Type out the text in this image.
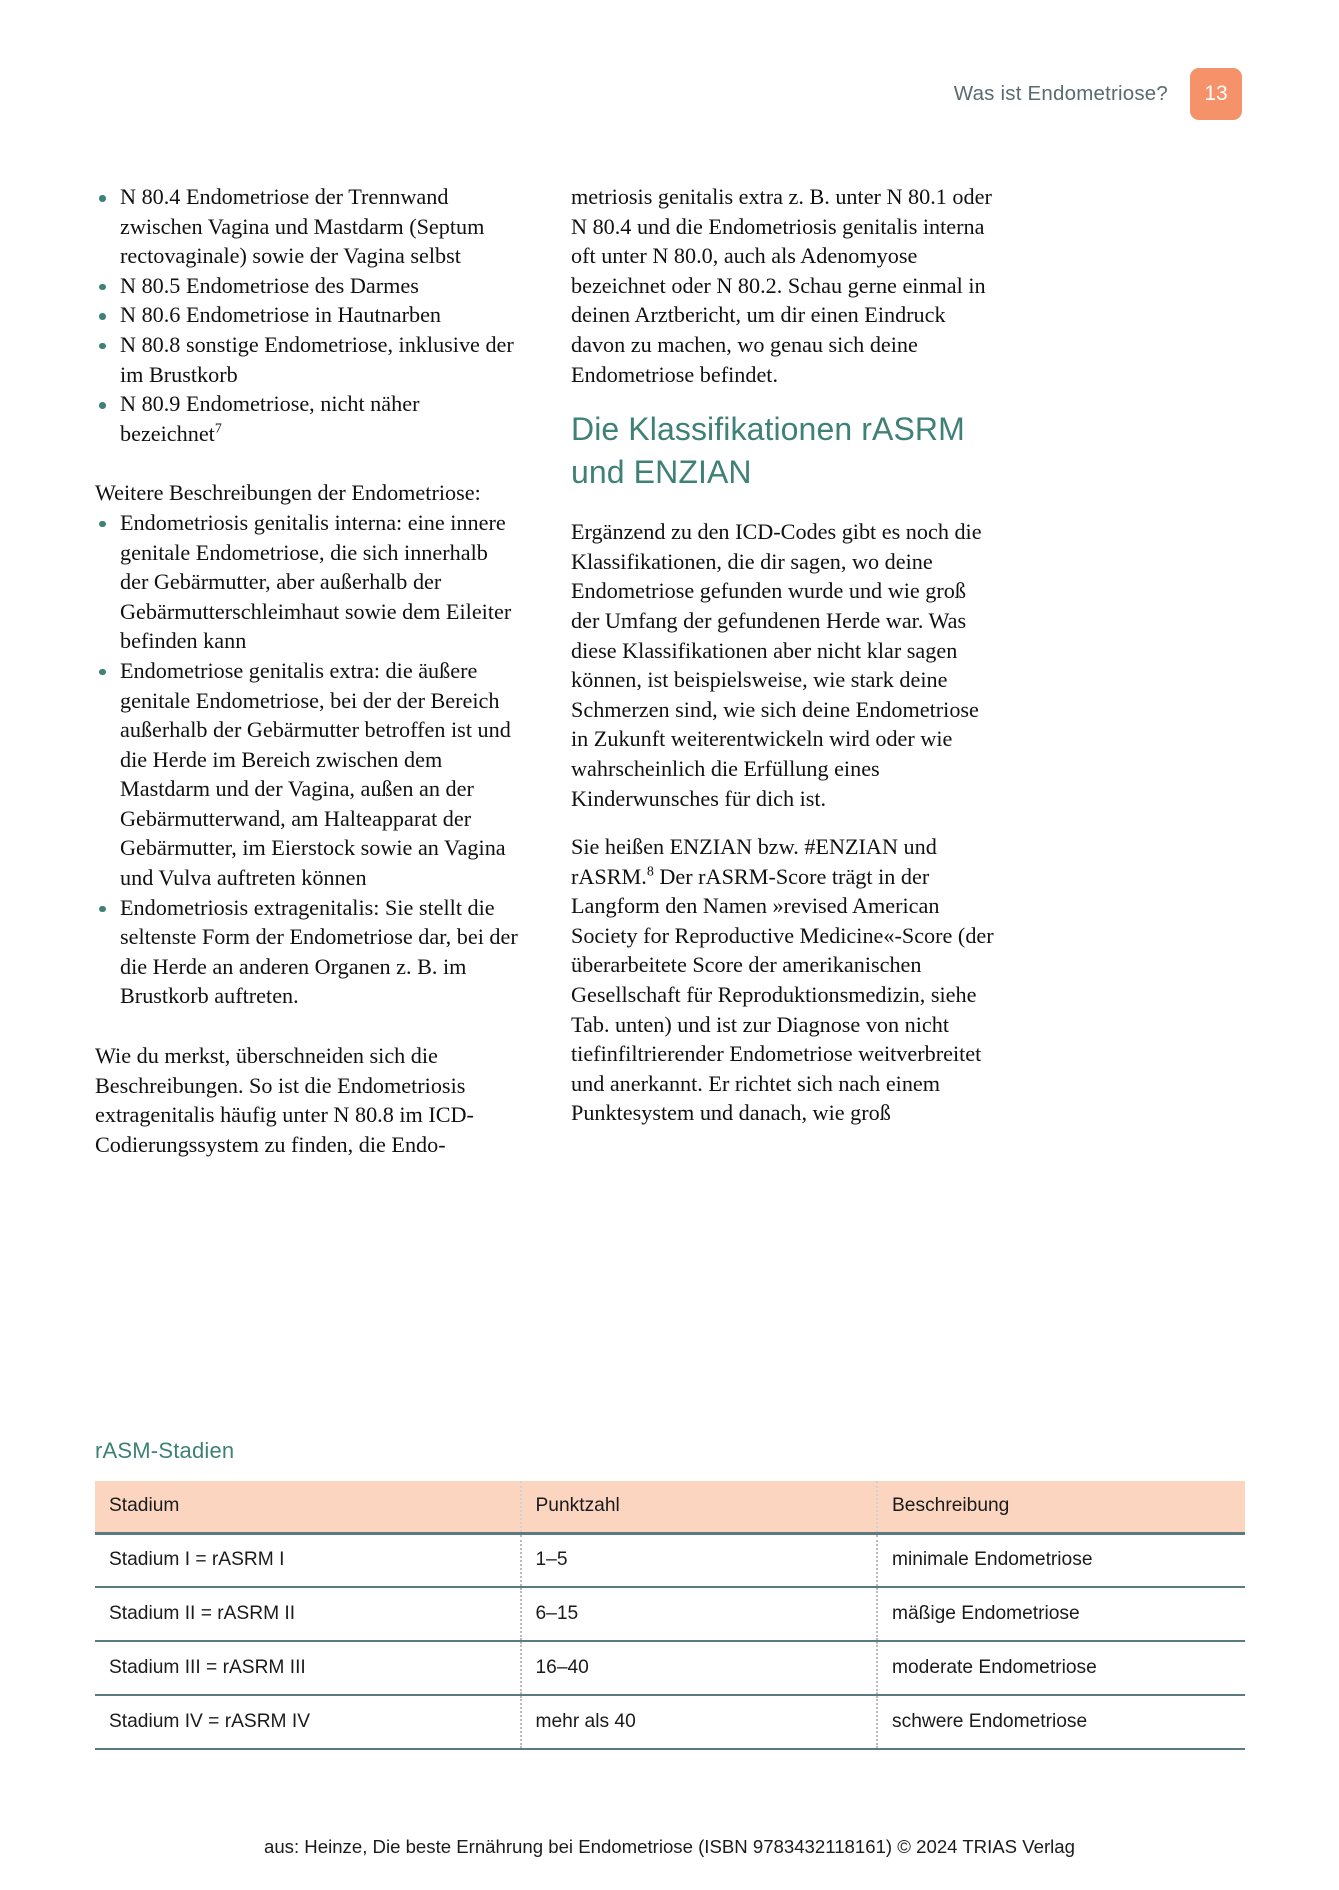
Was ist Endometriose?	13
N 80.4 Endometriose der Trennwand zwischen Vagina und Mastdarm (Septum rectovaginale) sowie der Vagina selbst
N 80.5 Endometriose des Darmes
N 80.6 Endometriose in Hautnarben
N 80.8 sonstige Endometriose, inklusive der im Brustkorb
N 80.9 Endometriose, nicht näher bezeichnet$^7$

Weitere Beschreibungen der Endometriose:

Endometriosis genitalis interna: eine innere genitale Endometriose, die sich innerhalb der Gebärmutter, aber außerhalb der Gebärmutterschleimhaut sowie dem Eileiter befinden kann
Endometriose genitalis extra: die äußere genitale Endometriose, bei der der Bereich außerhalb der Gebärmutter betroffen ist und die Herde im Bereich zwischen dem Mastdarm und der Vagina, außen an der Gebärmutterwand, am Halteapparat der Gebärmutter, im Eierstock sowie an Vagina und Vulva auftreten können
Endometriosis extragenitalis: Sie stellt die seltenste Form der Endometriose dar, bei der die Herde an anderen Organen z. B. im Brustkorb auftreten.

Wie du merkst, überschneiden sich die Beschreibungen. So ist die Endometriosis extragenitalis häufig unter N 80.8 im ICD-Codierungssystem zu finden, die Endo-

metriosis genitalis extra z. B. unter N 80.1 oder N 80.4 und die Endometriosis genitalis interna oft unter N 80.0, auch als Adenomyose bezeichnet oder N 80.2. Schau gerne einmal in deinen Arztbericht, um dir einen Eindruck davon zu machen, wo genau sich deine Endometriose befindet.

Die Klassifikationen rASRM und ENZIAN

Ergänzend zu den ICD-Codes gibt es noch die Klassifikationen, die dir sagen, wo deine Endometriose gefunden wurde und wie groß der Umfang der gefundenen Herde war. Was diese Klassifikationen aber nicht klar sagen können, ist beispielsweise, wie stark deine Schmerzen sind, wie sich deine Endometriose in Zukunft weiterentwickeln wird oder wie wahrscheinlich die Erfüllung eines Kinderwunsches für dich ist.

Sie heißen ENZIAN bzw. #ENZIAN und rASRM.$^8$ Der rASRM-Score trägt in der Langform den Namen »revised American Society for Reproductive Medicine«-Score (der überarbeitete Score der amerikanischen Gesellschaft für Reproduktionsmedizin, siehe Tab. unten) und ist zur Diagnose von nicht tiefinfiltrierender Endometriose weitverbreitet und anerkannt. Er richtet sich nach einem Punktesystem und danach, wie groß

rASM-Stadien
Stadium	Punktzahl	Beschreibung
Stadium I = rASRM I	1–5	minimale Endometriose
Stadium II = rASRM II	6–15	mäßige Endometriose
Stadium III = rASRM III	16–40	moderate Endometriose
Stadium IV = rASRM IV	mehr als 40	schwere Endometriose
aus: Heinze, Die beste Ernährung bei Endometriose (ISBN 9783432118161) © 2024 TRIAS Verlag
